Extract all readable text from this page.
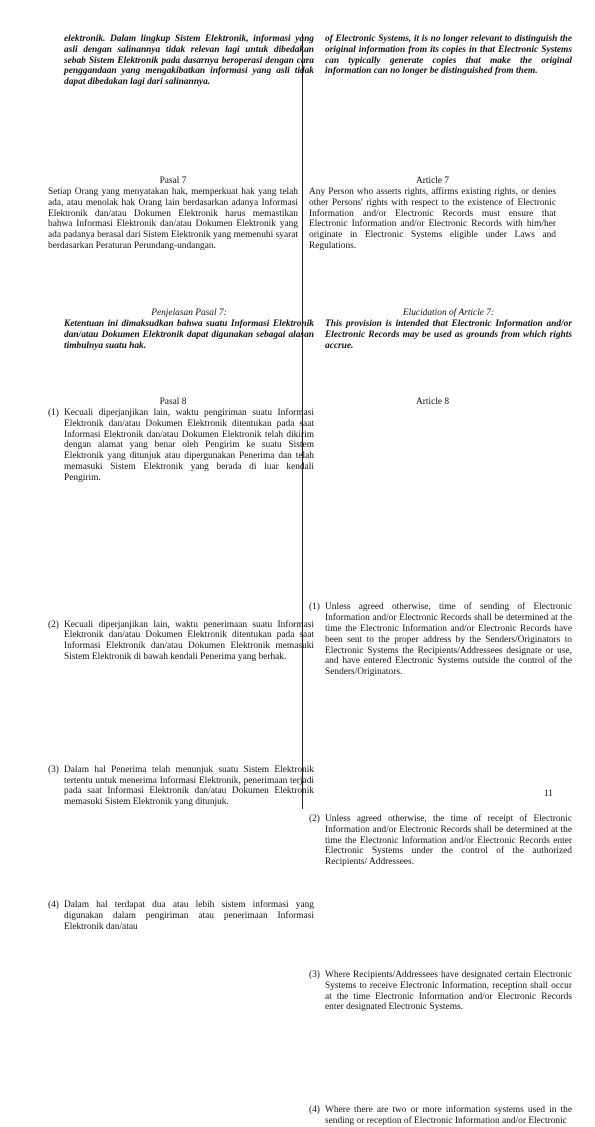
elektronik. Dalam lingkup Sistem Elektronik, informasi yang asli dengan salinannya tidak relevan lagi untuk dibedakan sebab Sistem Elektronik pada dasarnya beroperasi dengan cara penggandaan yang mengakibatkan informasi yang asli tidak dapat dibedakan lagi dari salinannya.
of Electronic Systems, it is no longer relevant to distinguish the original information from its copies in that Electronic Systems can typically generate copies that make the original information can no longer be distinguished from them.
Pasal 7
Setiap Orang yang menyatakan hak, memperkuat hak yang telah ada, atau menolak hak Orang lain berdasarkan adanya Informasi Elektronik dan/atau Dokumen Elektronik harus memastikan bahwa Informasi Elektronik dan/atau Dokumen Elektronik yang ada padanya berasal dari Sistem Elektronik yang memenuhi syarat berdasarkan Peraturan Perundang-undangan.
Article 7
Any Person who asserts rights, affirms existing rights, or denies other Persons' rights with respect to the existence of Electronic Information and/or Electronic Records must ensure that Electronic Information and/or Electronic Records with him/her originate in Electronic Systems eligible under Laws and Regulations.
Penjelasan Pasal 7:
Ketentuan ini dimaksudkan bahwa suatu Informasi Elektronik dan/atau Dokumen Elektronik dapat digunakan sebagai alasan timbulnya suatu hak.
Elucidation of Article 7:
This provision is intended that Electronic Information and/or Electronic Records may be used as grounds from which rights accrue.
Pasal 8	Article 8
(1) Kecuali diperjanjikan lain, waktu pengiriman suatu Informasi Elektronik dan/atau Dokumen Elektronik ditentukan pada saat Informasi Elektronik dan/atau Dokumen Elektronik telah dikirim dengan alamat yang benar oleh Pengirim ke suatu Sistem Elektronik yang ditunjuk atau dipergunakan Penerima dan telah memasuki Sistem Elektronik yang berada di luar kendali Pengirim.
(2) Kecuali diperjanjikan lain, waktu penerimaan suatu Informasi Elektronik dan/atau Dokumen Elektronik ditentukan pada saat Informasi Elektronik dan/atau Dokumen Elektronik memasuki Sistem Elektronik di bawah kendali Penerima yang berhak.
(3) Dalam hal Penerima telah menunjuk suatu Sistem Elektronik tertentu untuk menerima Informasi Elektronik, penerimaan terjadi pada saat Informasi Elektronik dan/atau Dokumen Elektronik memasuki Sistem Elektronik yang ditunjuk.
(4) Dalam hal terdapat dua atau lebih sistem informasi yang digunakan dalam pengiriman atau penerimaan Informasi Elektronik dan/atau
(1) Unless agreed otherwise, time of sending of Electronic Information and/or Electronic Records shall be determined at the time the Electronic Information and/or Electronic Records have been sent to the proper address by the Senders/Originators to Electronic Systems the Recipients/Addressees designate or use, and have entered Electronic Systems outside the control of the Senders/Originators.
(2) Unless agreed otherwise, the time of receipt of Electronic Information and/or Electronic Records shall be determined at the time the Electronic Information and/or Electronic Records enter Electronic Systems under the control of the authorized Recipients/ Addressees.
(3) Where Recipients/Addressees have designated certain Electronic Systems to receive Electronic Information, reception shall occur at the time Electronic Information and/or Electronic Records enter designated Electronic Systems.
(4) Where there are two or more information systems used in the sending or reception of Electronic Information and/or Electronic
11
